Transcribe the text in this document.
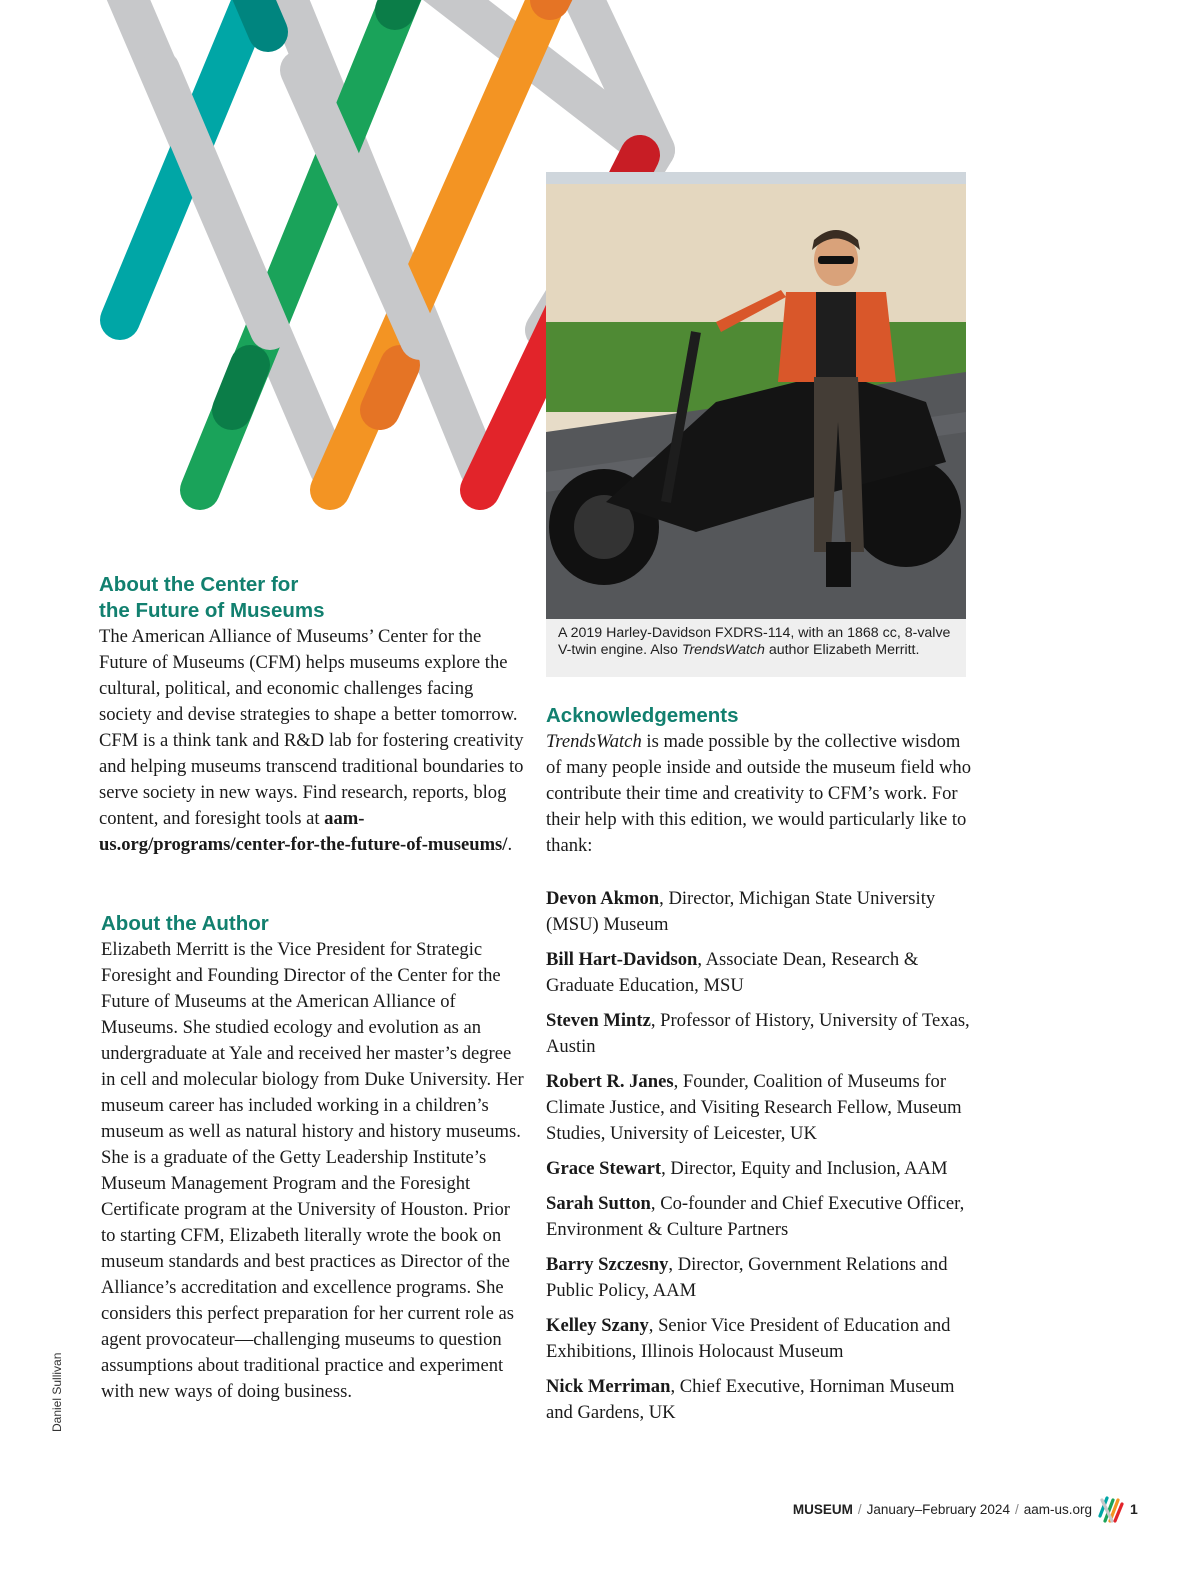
A 2019 Harley-Davidson FXDRS-114, with an 1868 cc, 8-valve V-twin engine. Also TrendsWatch author Elizabeth Merritt.
About the Center for
the Future of Museums

The American Alliance of Museums’ Center for the Future of Museums (CFM) helps museums explore the cultural, political, and economic challenges facing society and devise strategies to shape a better tomorrow. CFM is a think tank and R&D lab for fostering creativity and helping museums transcend traditional boundaries to serve society in new ways. Find research, reports, blog content, and foresight tools at aam-us.org/programs/center-for-the-future-of-museums/.

About the Author

Elizabeth Merritt is the Vice President for Strategic Foresight and Founding Director of the Center for the Future of Museums at the American Alliance of Museums. She studied ecology and evolution as an undergraduate at Yale and received her master’s degree in cell and molecular biology from Duke University. Her museum career has included working in a children’s museum as well as natural history and history museums. She is a graduate of the Getty Leadership Institute’s Museum Management Program and the Foresight Certificate program at the University of Houston. Prior to starting CFM, Elizabeth literally wrote the book on museum standards and best practices as Director of the Alliance’s accreditation and excellence programs. She considers this perfect preparation for her current role as agent provocateur—challenging museums to question assumptions about traditional practice and experiment with new ways of doing business.

Acknowledgements

TrendsWatch is made possible by the collective wisdom of many people inside and outside the museum field who contribute their time and creativity to CFM’s work. For their help with this edition, we would particularly like to thank:

Devon Akmon, Director, Michigan State University (MSU) Museum

Bill Hart-Davidson, Associate Dean, Research & Graduate Education, MSU

Steven Mintz, Professor of History, University of Texas, Austin

Robert R. Janes, Founder, Coalition of Museums for Climate Justice, and Visiting Research Fellow, Museum Studies, University of Leicester, UK

Grace Stewart, Director, Equity and Inclusion, AAM

Sarah Sutton, Co-founder and Chief Executive Officer, Environment & Culture Partners

Barry Szczesny, Director, Government Relations and Public Policy, AAM

Kelley Szany, Senior Vice President of Education and Exhibitions, Illinois Holocaust Museum

Nick Merriman, Chief Executive, Horniman Museum and Gardens, UK

Daniel Sullivan
MUSEUM / January–February 2024 / aam-us.org	1
